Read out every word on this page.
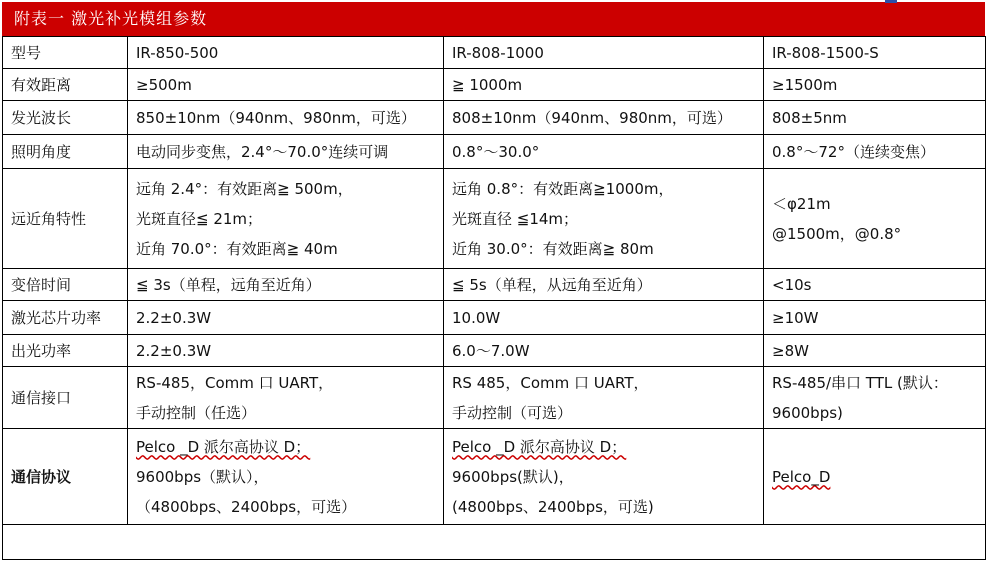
附表一 激光补光模组参数
型号	IR-850-500	IR-808-1000	IR-808-1500-S

有效距离	≥500m	≧ 1000m	≥1500m

发光波长	850±10nm（940nm、980nm，可选）	808±10nm（940nm、980nm，可选）	808±5nm

照明角度	电动同步变焦，2.4°～70.0°连续可调	0.8°～30.0°	0.8°～72°（连续变焦）

远近角特性	远角 2.4°：有效距离≧ 500m，
光斑直径≦ 21m；
近角 70.0°：有效距离≧ 40m	远角 0.8°：有效距离≧1000m，
光斑直径 ≦14m；
近角 30.0°：有效距离≧ 80m	＜φ21m
@1500m，@0.8°

变倍时间	≦ 3s（单程，远角至近角）	≦ 5s（单程，从远角至近角）	<10s

激光芯片功率	2.2±0.3W	10.0W	≥10W

出光功率	2.2±0.3W	6.0～7.0W	≥8W

通信接口	RS-485，Comm 口 UART，
手动控制（任选）	RS 485，Comm 口 UART，
手动控制（可选）	RS-485/串口 TTL (默认：
9600bps)

通信协议	Pelco _D 派尔高协议 D；
9600bps（默认），
（4800bps、2400bps，可选）	Pelco _D 派尔高协议 D；
9600bps(默认)，
(4800bps、2400bps，可选)	Pelco_D
